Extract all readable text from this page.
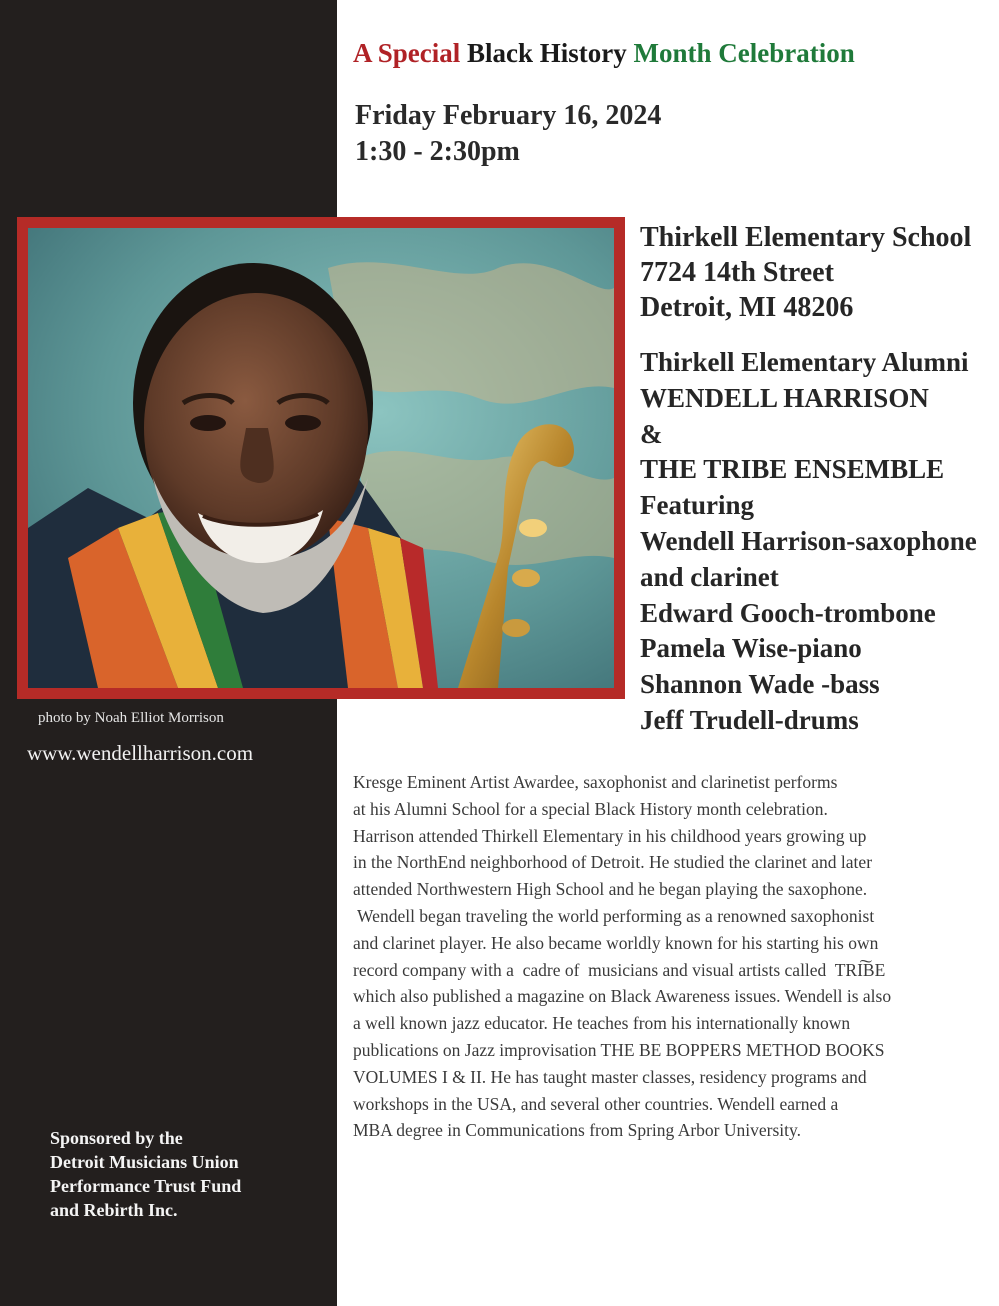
A Special Black History Month Celebration
Friday February 16, 2024
1:30 - 2:30pm
photo by Noah Elliot Morrison
www.wendellharrison.com
Thirkell Elementary School
7724 14th Street
Detroit, MI 48206
Thirkell Elementary Alumni
WENDELL HARRISON
&
THE TRIBE ENSEMBLE
Featuring
Wendell Harrison-saxophone
and clarinet
Edward Gooch-trombone
Pamela Wise-piano
Shannon Wade -bass
Jeff Trudell-drums
Kresge Eminent Artist Awardee, saxophonist and clarinetist performs
at his Alumni School for a special Black History month celebration.
Harrison attended Thirkell Elementary in his childhood years growing up
in the NorthEnd neighborhood of Detroit. He studied the clarinet and later
attended Northwestern High School and he began playing the saxophone.
Wendell began traveling the world performing as a renowned saxophonist
and clarinet player. He also became worldly known for his starting his own
record company with a  cadre of  musicians and visual artists called  TRI͠BE
which also published a magazine on Black Awareness issues. Wendell is also
a well known jazz educator. He teaches from his internationally known
publications on Jazz improvisation THE BE BOPPERS METHOD BOOKS
VOLUMES I & II. He has taught master classes, residency programs and
workshops in the USA, and several other countries. Wendell earned a
MBA degree in Communications from Spring Arbor University.
Sponsored by the
Detroit Musicians Union
Performance Trust Fund
and Rebirth Inc.
